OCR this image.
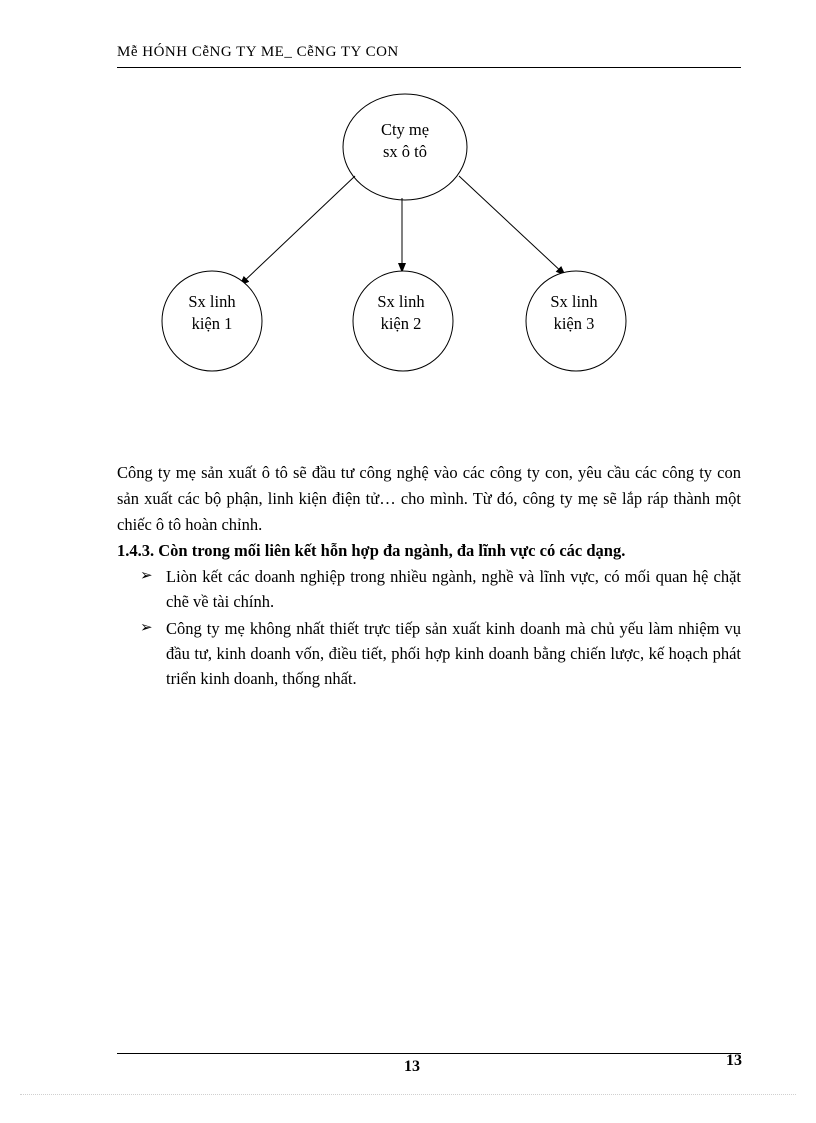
Mễ HÓNH CễNG TY ME_ CễNG TY CON
Cty mẹ
sx ô tô
Sx linh
kiện 1
Sx linh
kiện 2
Sx linh
kiện 3

Công ty mẹ sản xuất ô tô sẽ đầu tư công nghệ vào các công ty con, yêu cầu các công ty con sản xuất các bộ phận, linh kiện điện tử… cho mình. Từ đó, công ty mẹ sẽ lắp ráp thành một chiếc ô tô hoàn chỉnh.

1.4.3. Còn trong mối liên kết hỗn hợp đa ngành, đa lĩnh vực có các dạng.
➢ Liòn kết các doanh nghiệp trong nhiều ngành, nghề và lĩnh vực, có mối quan hệ chặt chẽ về tài chính.
➢ Công ty mẹ không nhất thiết trực tiếp sản xuất kinh doanh mà chủ yếu làm nhiệm vụ đầu tư, kinh doanh vốn, điều tiết, phối hợp kinh doanh bằng chiến lược, kế hoạch phát triển kinh doanh, thống nhất.
13	13
